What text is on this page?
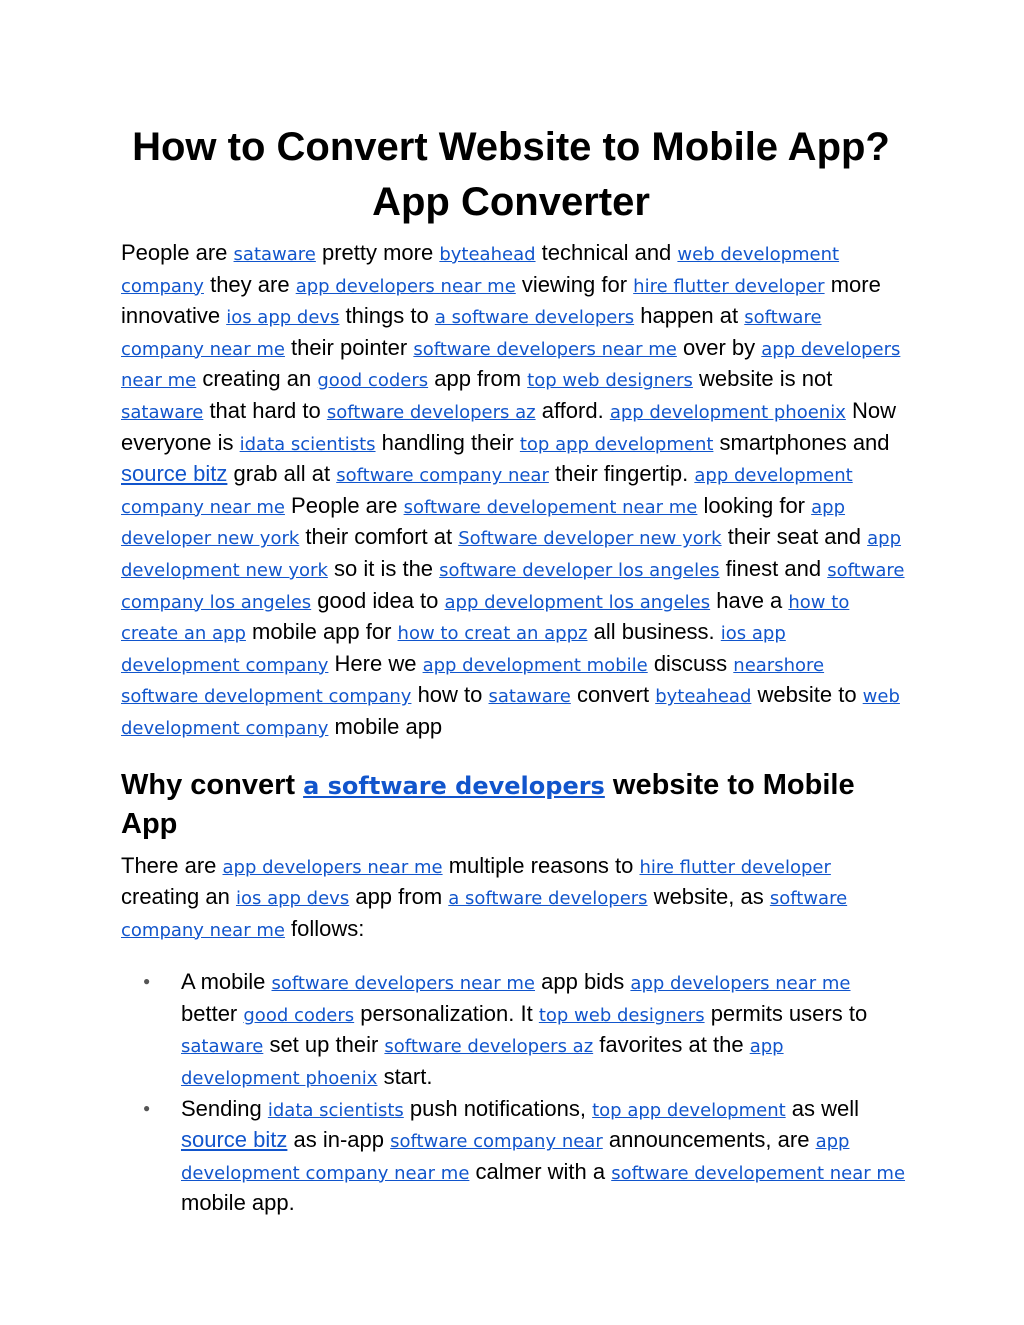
How to Convert Website to Mobile App?
App Converter

People are sataware pretty more byteahead technical and web development company they are app developers near me viewing for hire flutter developer more innovative ios app devs things to a software developers happen at software company near me their pointer software developers near me over by app developers near me creating an good coders app from top web designers website is not sataware that hard to software developers az afford. app development phoenix Now everyone is idata scientists handling their top app development smartphones and source bitz grab all at software company near their fingertip. app development company near me People are software developement near me looking for app developer new york their comfort at Software developer new york their seat and app development new york so it is the software developer los angeles finest and software company los angeles good idea to app development los angeles have a how to create an app mobile app for how to creat an appz all business. ios app development company Here we app development mobile discuss nearshore software development company how to sataware convert byteahead website to web development company mobile app

Why convert a software developers website to Mobile App

There are app developers near me multiple reasons to hire flutter developer creating an ios app devs app from a software developers website, as software company near me follows:

● A mobile software developers near me app bids app developers near me better good coders personalization. It top web designers permits users to sataware set up their software developers az favorites at the app development phoenix start.
● Sending idata scientists push notifications, top app development as well source bitz as in-app software company near announcements, are app development company near me calmer with a software developement near me mobile app.
